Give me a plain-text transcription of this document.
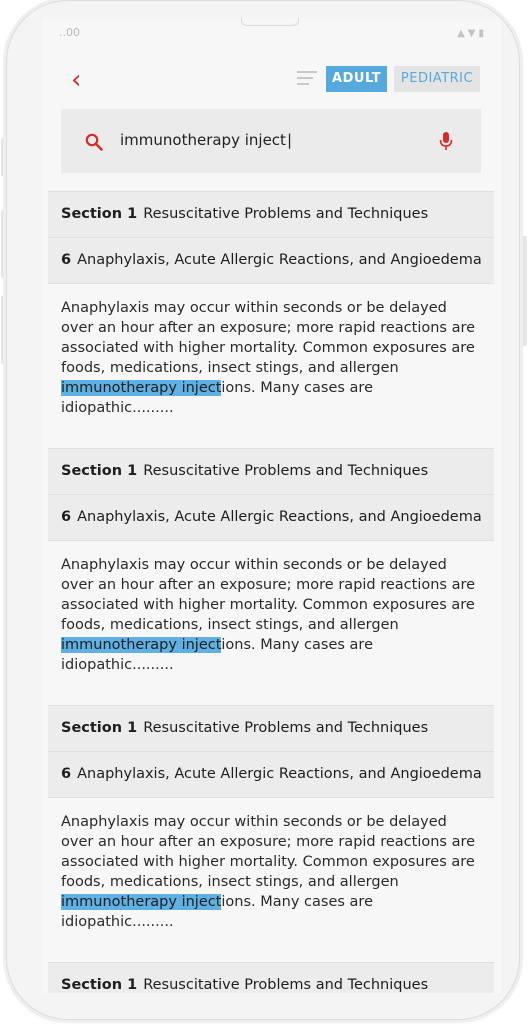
..00	▲▼▮
‹	ADULT	PEDIATRIC
immunotherapy inject |
Section 1 Resuscitative Problems and Techniques
6 Anaphylaxis, Acute Allergic Reactions, and Angioedema
Anaphylaxis may occur within seconds or be delayed over an hour after an exposure; more rapid reactions are associated with higher mortality. Common exposures are foods, medications, insect stings, and allergen immunotherapy injections. Many cases are idiopathic.........
Section 1 Resuscitative Problems and Techniques
6 Anaphylaxis, Acute Allergic Reactions, and Angioedema
Anaphylaxis may occur within seconds or be delayed over an hour after an exposure; more rapid reactions are associated with higher mortality. Common exposures are foods, medications, insect stings, and allergen immunotherapy injections. Many cases are idiopathic.........
Section 1 Resuscitative Problems and Techniques
6 Anaphylaxis, Acute Allergic Reactions, and Angioedema
Anaphylaxis may occur within seconds or be delayed over an hour after an exposure; more rapid reactions are associated with higher mortality. Common exposures are foods, medications, insect stings, and allergen immunotherapy injections. Many cases are idiopathic.........
Section 1 Resuscitative Problems and Techniques
